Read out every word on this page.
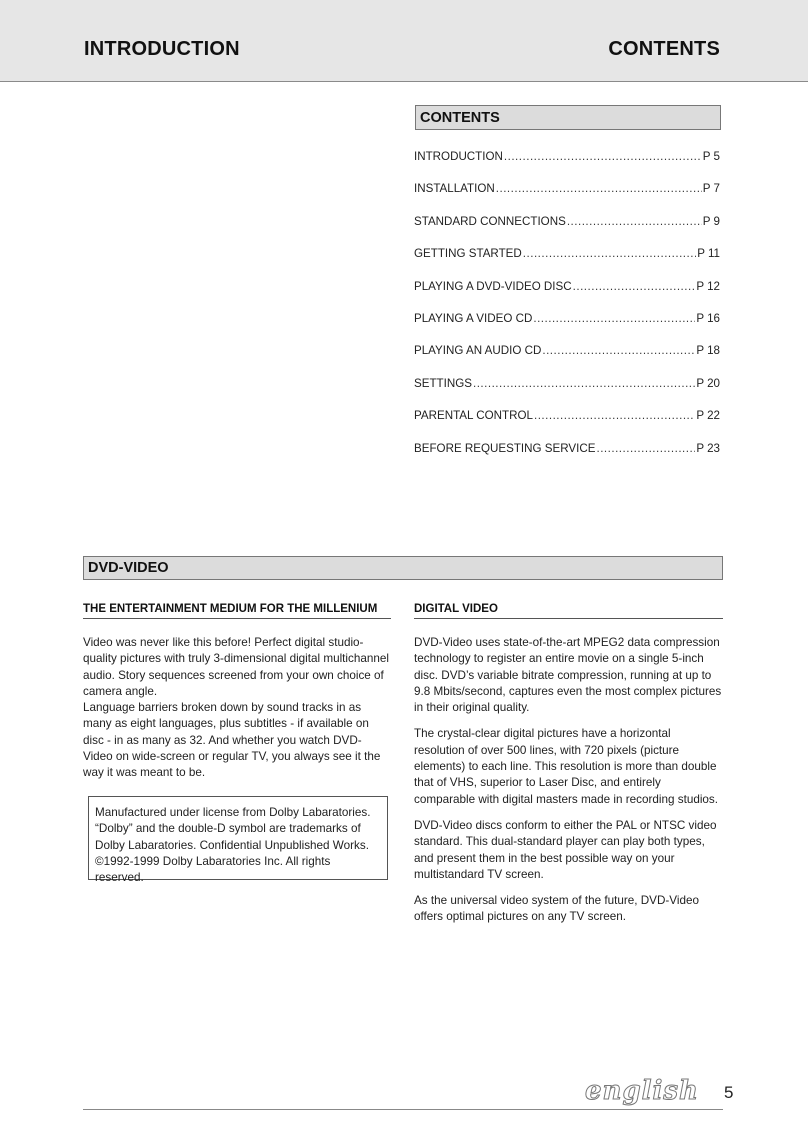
INTRODUCTION	CONTENTS
CONTENTS
INTRODUCTION .....	P 5
INSTALLATION .....	P 7
STANDARD CONNECTIONS .....	P 9
GETTING STARTED .....	P 11
PLAYING A DVD-VIDEO DISC .....	P 12
PLAYING A VIDEO CD .....	P 16
PLAYING AN AUDIO CD .....	P 18
SETTINGS .....	P 20
PARENTAL CONTROL .....	P 22
BEFORE REQUESTING SERVICE .....	P 23
DVD-VIDEO
THE ENTERTAINMENT MEDIUM FOR THE MILLENIUM	DIGITAL VIDEO

Video was never like this before! Perfect digital studio-quality pictures with truly 3-dimensional digital multichannel audio. Story sequences screened from your own choice of camera angle.

Language barriers broken down by sound tracks in as many as eight languages, plus subtitles - if available on disc - in as many as 32. And whether you watch DVD-Video on wide-screen or regular TV, you always see it the way it was meant to be.

Manufactured under license from Dolby Labaratories. “Dolby” and the double-D symbol are trademarks of Dolby Labaratories. Confidential Unpublished Works. ©1992-1999 Dolby Labaratories Inc. All rights reserved.

DVD-Video uses state-of-the-art MPEG2 data compression technology to register an entire movie on a single 5-inch disc. DVD’s variable bitrate compression, running at up to 9.8 Mbits/second, captures even the most complex pictures in their original quality.

The crystal-clear digital pictures have a horizontal resolution of over 500 lines, with 720 pixels (picture elements) to each line. This resolution is more than double that of VHS, superior to Laser Disc, and entirely comparable with digital masters made in recording studios.

DVD-Video discs conform to either the PAL or NTSC video standard. This dual-standard player can play both types, and present them in the best possible way on your multistandard TV screen.

As the universal video system of the future, DVD-Video offers optimal pictures on any TV screen.

english 5
